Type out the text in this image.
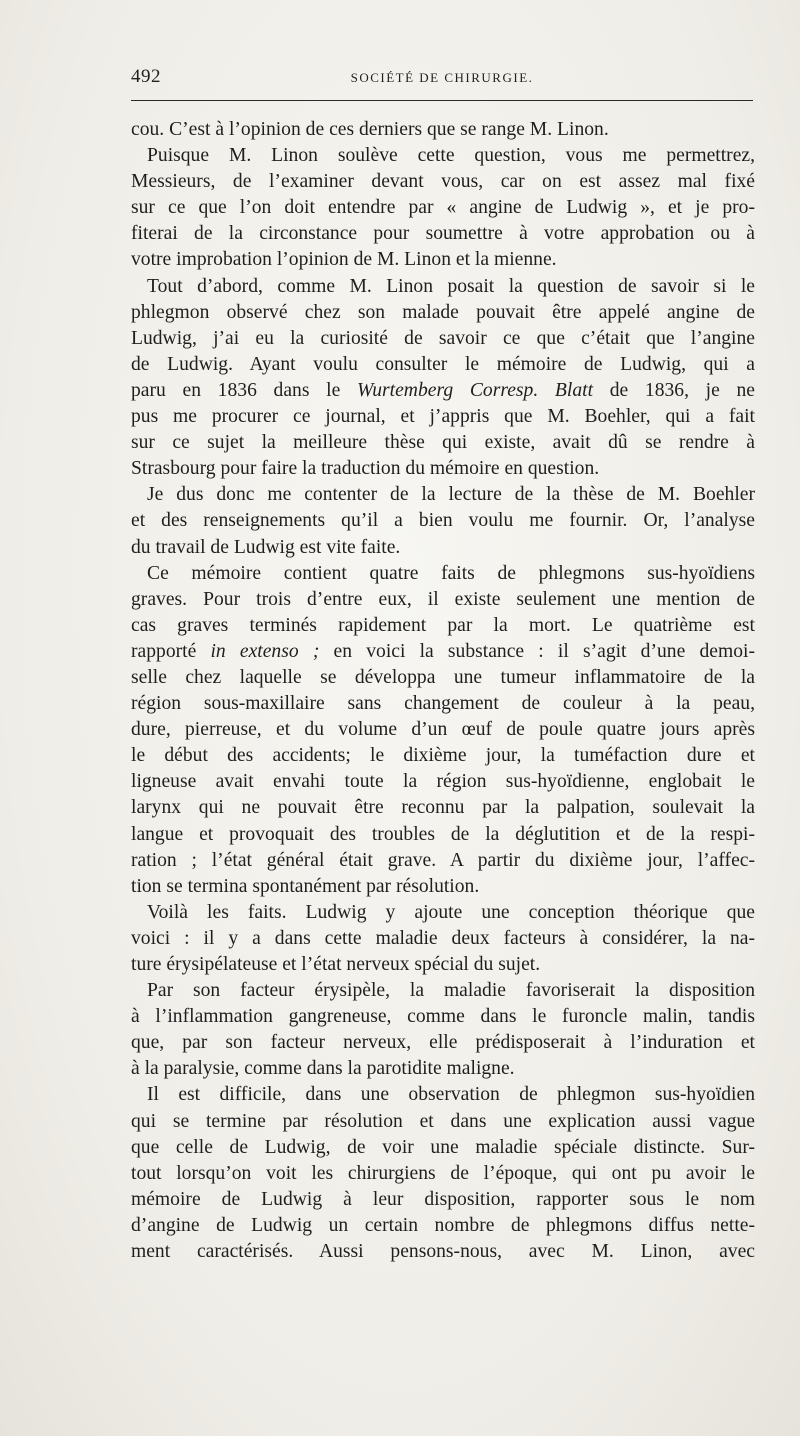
492	SOCIÉTÉ DE CHIRURGIE.
cou. C’est à l’opinion de ces derniers que se range M. Linon.
Puisque M. Linon soulève cette question, vous me permettrez,
Messieurs, de l’examiner devant vous, car on est assez mal fixé
sur ce que l’on doit entendre par « angine de Ludwig », et je pro-
fiterai de la circonstance pour soumettre à votre approbation ou à
votre improbation l’opinion de M. Linon et la mienne.
Tout d’abord, comme M. Linon posait la question de savoir si le
phlegmon observé chez son malade pouvait être appelé angine de
Ludwig, j’ai eu la curiosité de savoir ce que c’était que l’angine
de Ludwig. Ayant voulu consulter le mémoire de Ludwig, qui a
paru en 1836 dans le Wurtemberg Corresp. Blatt de 1836, je ne
pus me procurer ce journal, et j’appris que M. Boehler, qui a fait
sur ce sujet la meilleure thèse qui existe, avait dû se rendre à
Strasbourg pour faire la traduction du mémoire en question.
Je dus donc me contenter de la lecture de la thèse de M. Boehler
et des renseignements qu’il a bien voulu me fournir. Or, l’analyse
du travail de Ludwig est vite faite.
Ce mémoire contient quatre faits de phlegmons sus-hyoïdiens
graves. Pour trois d’entre eux, il existe seulement une mention de
cas graves terminés rapidement par la mort. Le quatrième est
rapporté in extenso ; en voici la substance : il s’agit d’une demoi-
selle chez laquelle se développa une tumeur inflammatoire de la
région sous-maxillaire sans changement de couleur à la peau,
dure, pierreuse, et du volume d’un œuf de poule quatre jours après
le début des accidents; le dixième jour, la tuméfaction dure et
ligneuse avait envahi toute la région sus-hyoïdienne, englobait le
larynx qui ne pouvait être reconnu par la palpation, soulevait la
langue et provoquait des troubles de la déglutition et de la respi-
ration ; l’état général était grave. A partir du dixième jour, l’affec-
tion se termina spontanément par résolution.
Voilà les faits. Ludwig y ajoute une conception théorique que
voici : il y a dans cette maladie deux facteurs à considérer, la na-
ture érysipélateuse et l’état nerveux spécial du sujet.
Par son facteur érysipèle, la maladie favoriserait la disposition
à l’inflammation gangreneuse, comme dans le furoncle malin, tandis
que, par son facteur nerveux, elle prédisposerait à l’induration et
à la paralysie, comme dans la parotidite maligne.
Il est difficile, dans une observation de phlegmon sus-hyoïdien
qui se termine par résolution et dans une explication aussi vague
que celle de Ludwig, de voir une maladie spéciale distincte. Sur-
tout lorsqu’on voit les chirurgiens de l’époque, qui ont pu avoir le
mémoire de Ludwig à leur disposition, rapporter sous le nom
d’angine de Ludwig un certain nombre de phlegmons diffus nette-
ment caractérisés. Aussi pensons-nous, avec M. Linon, avec
